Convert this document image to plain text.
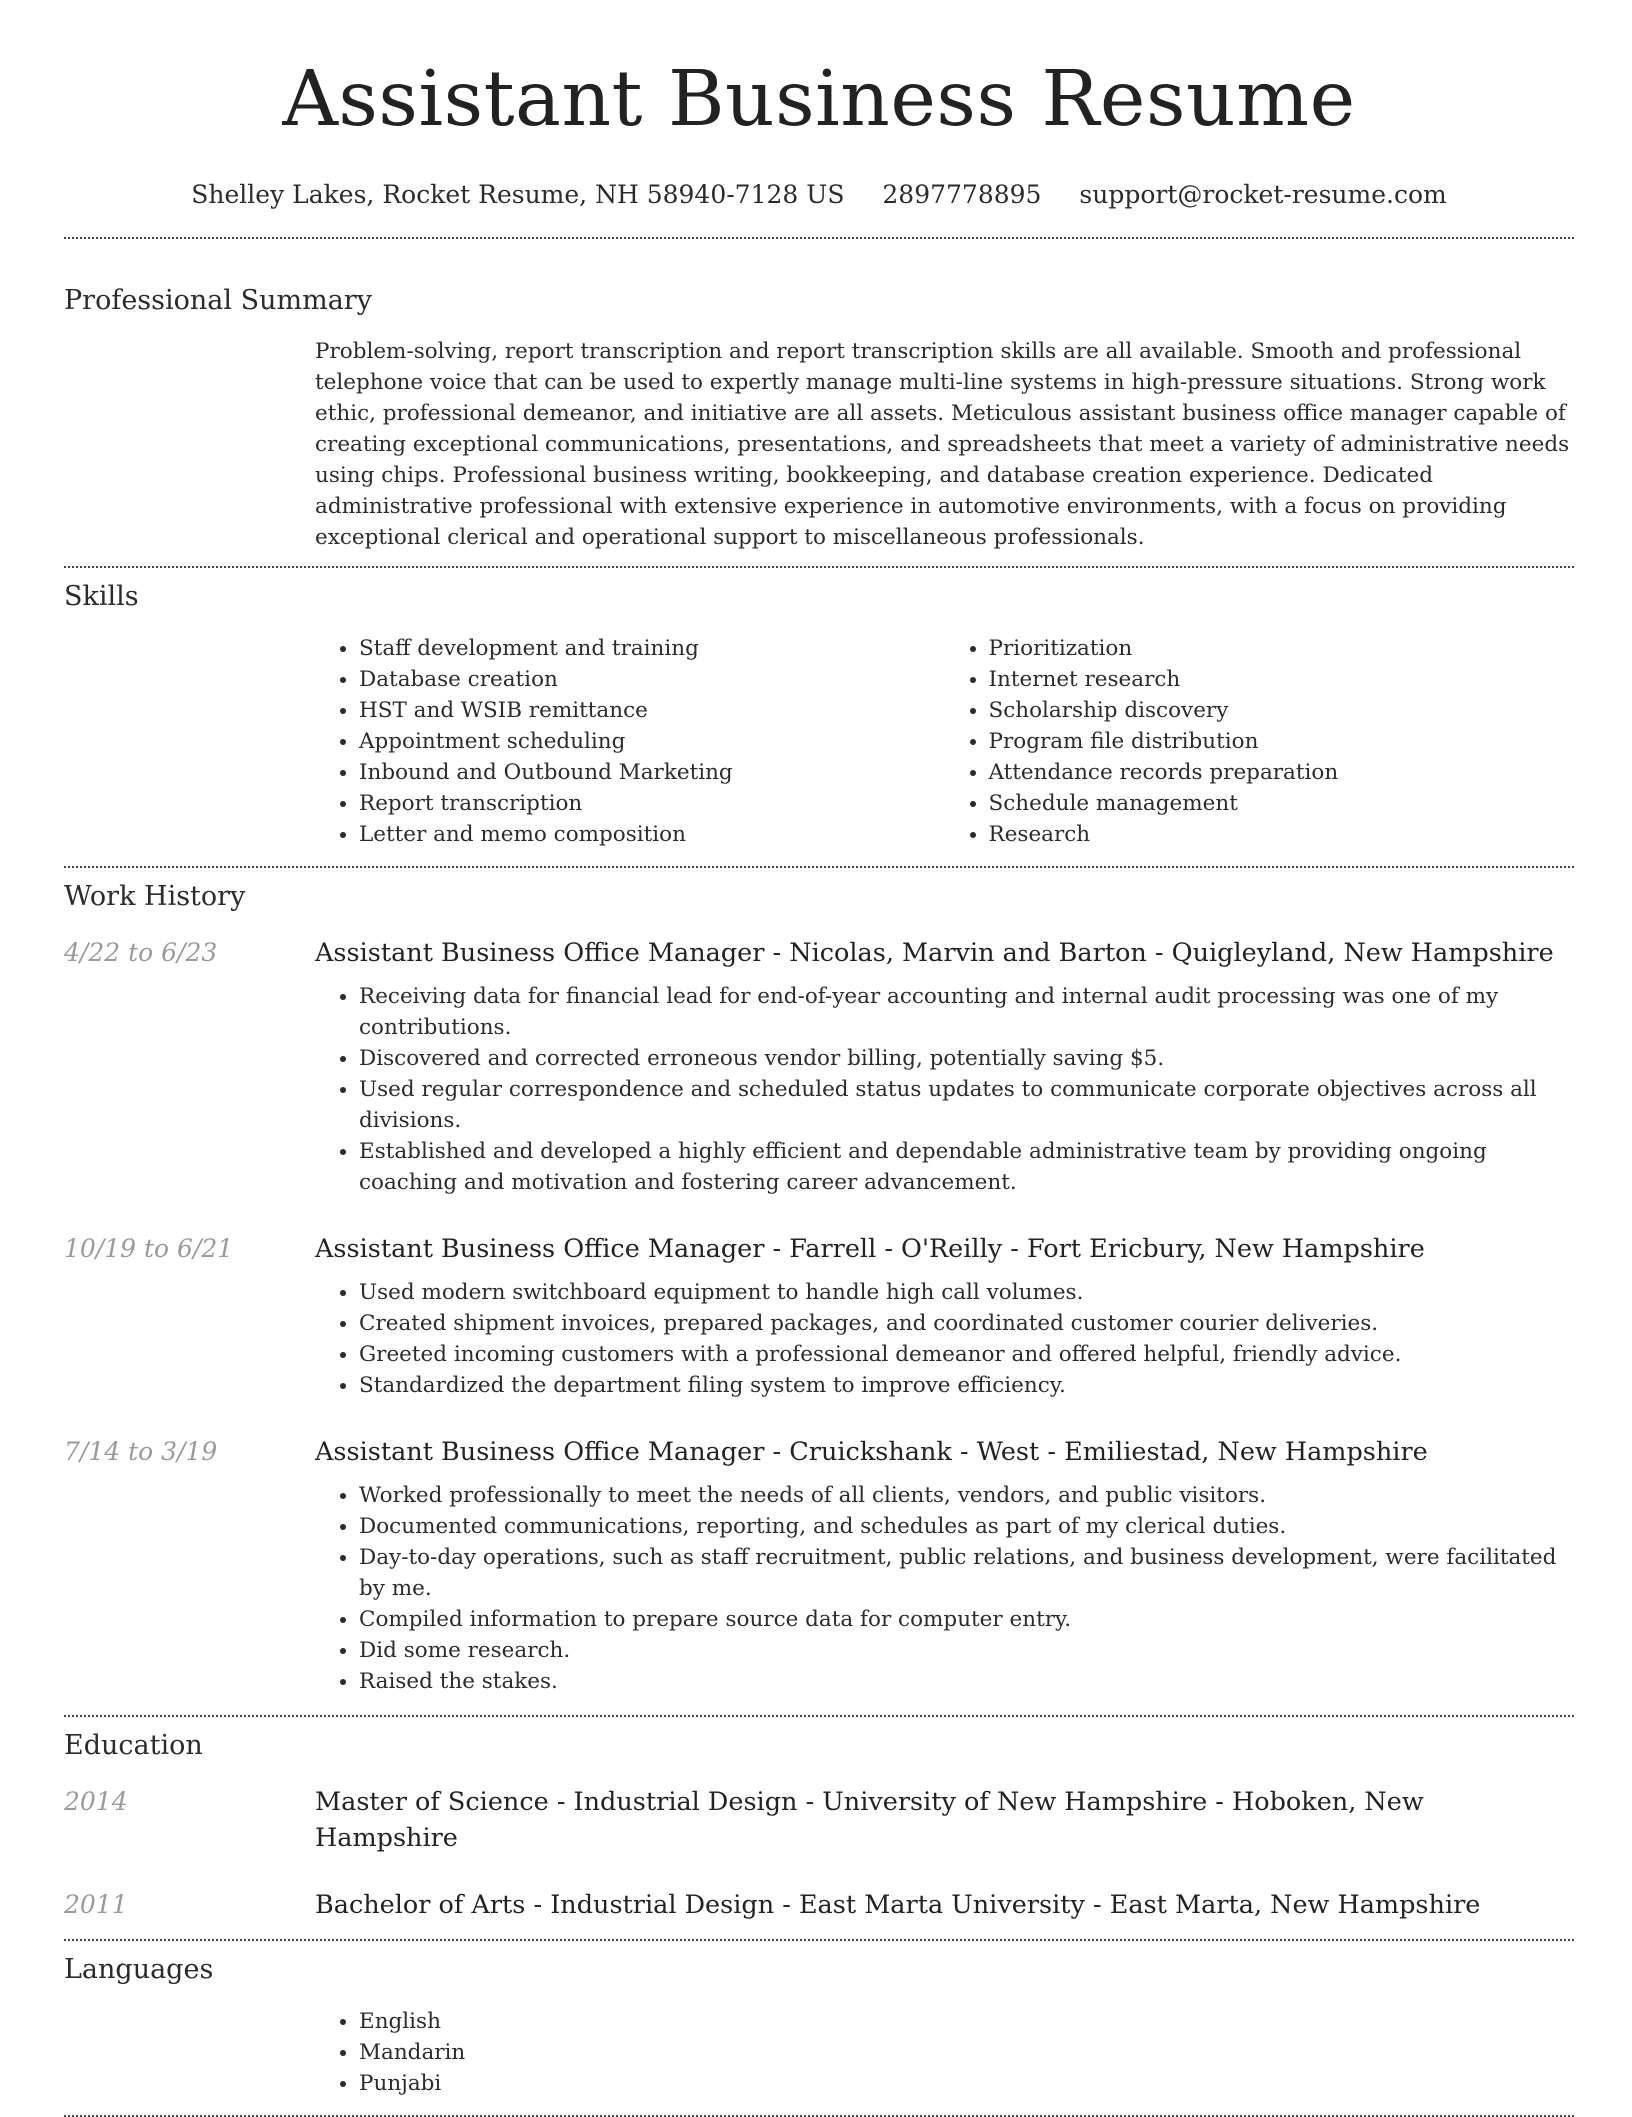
Assistant Business Resume
Shelley Lakes, Rocket Resume, NH 58940-7128 US 2897778895 support@rocket-resume.com
Professional Summary
Problem-solving, report transcription and report transcription skills are all available. Smooth and professional telephone voice that can be used to expertly manage multi-line systems in high-pressure situations. Strong work ethic, professional demeanor, and initiative are all assets. Meticulous assistant business office manager capable of creating exceptional communications, presentations, and spreadsheets that meet a variety of administrative needs using chips. Professional business writing, bookkeeping, and database creation experience. Dedicated administrative professional with extensive experience in automotive environments, with a focus on providing exceptional clerical and operational support to miscellaneous professionals.
Skills
• Staff development and training
• Database creation
• HST and WSIB remittance
• Appointment scheduling
• Inbound and Outbound Marketing
• Report transcription
• Letter and memo composition
• Prioritization
• Internet research
• Scholarship discovery
• Program file distribution
• Attendance records preparation
• Schedule management
• Research
Work History
4/22 to 6/23	Assistant Business Office Manager - Nicolas, Marvin and Barton - Quigleyland, New Hampshire
• Receiving data for financial lead for end-of-year accounting and internal audit processing was one of my contributions.
• Discovered and corrected erroneous vendor billing, potentially saving $5.
• Used regular correspondence and scheduled status updates to communicate corporate objectives across all divisions.
• Established and developed a highly efficient and dependable administrative team by providing ongoing coaching and motivation and fostering career advancement.
10/19 to 6/21	Assistant Business Office Manager - Farrell - O'Reilly - Fort Ericbury, New Hampshire
• Used modern switchboard equipment to handle high call volumes.
• Created shipment invoices, prepared packages, and coordinated customer courier deliveries.
• Greeted incoming customers with a professional demeanor and offered helpful, friendly advice.
• Standardized the department filing system to improve efficiency.
7/14 to 3/19	Assistant Business Office Manager - Cruickshank - West - Emiliestad, New Hampshire
• Worked professionally to meet the needs of all clients, vendors, and public visitors.
• Documented communications, reporting, and schedules as part of my clerical duties.
• Day-to-day operations, such as staff recruitment, public relations, and business development, were facilitated by me.
• Compiled information to prepare source data for computer entry.
• Did some research.
• Raised the stakes.
Education
2014	Master of Science - Industrial Design - University of New Hampshire - Hoboken, New Hampshire
2011	Bachelor of Arts - Industrial Design - East Marta University - East Marta, New Hampshire
Languages
• English
• Mandarin
• Punjabi
